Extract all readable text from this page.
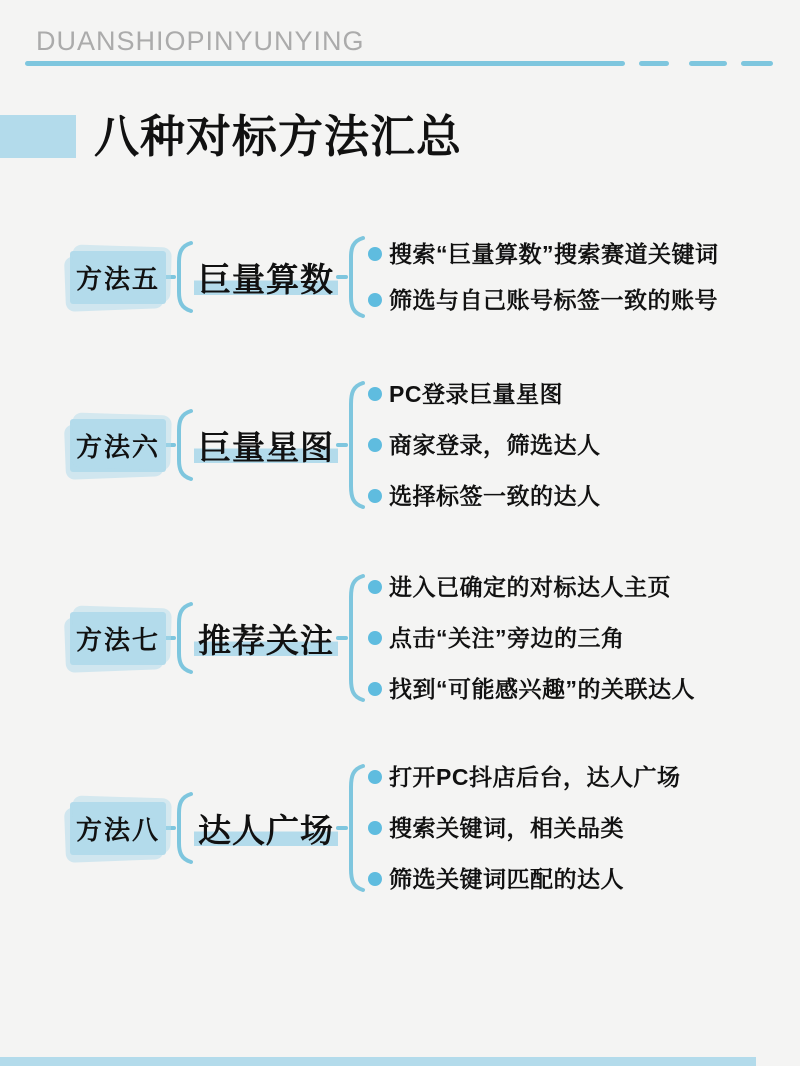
DUANSHIOPINYUNYING
八种对标方法汇总
方法五 巨量算数
搜索“巨量算数”搜索赛道关键词
筛选与自己账号标签一致的账号
方法六 巨量星图
PC登录巨量星图
商家登录，筛选达人
选择标签一致的达人
方法七 推荐关注
进入已确定的对标达人主页
点击“关注”旁边的三角
找到“可能感兴趣”的关联达人
方法八 达人广场
打开PC抖店后台，达人广场
搜索关键词，相关品类
筛选关键词匹配的达人
